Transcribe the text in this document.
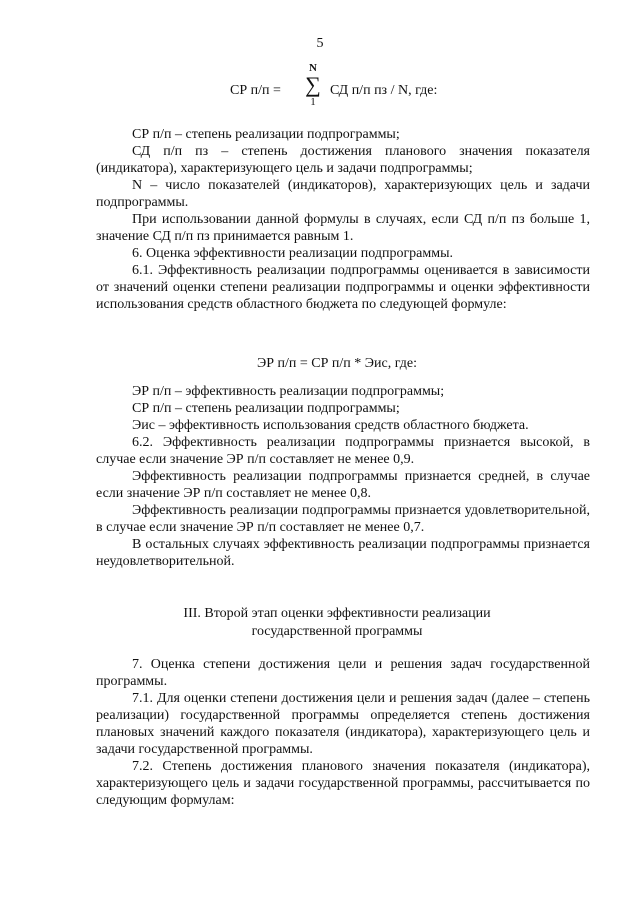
5
СР п/п =
N
∑
1
СД п/п пз / N, где:

СР п/п – степень реализации подпрограммы;

СД п/п пз – степень достижения планового значения показателя (индикатора), характеризующего цель и задачи подпрограммы;

N – число показателей (индикаторов), характеризующих цель и задачи подпрограммы.

При использовании данной формулы в случаях, если СД п/п пз больше 1, значение СД п/п пз принимается равным 1.

6. Оценка эффективности реализации подпрограммы.

6.1. Эффективность реализации подпрограммы оценивается в зависимости от значений оценки степени реализации подпрограммы и оценки эффективности использования средств областного бюджета по следующей формуле:

ЭР п/п = СР п/п * Эис, где:

ЭР п/п – эффективность реализации подпрограммы;

СР п/п – степень реализации подпрограммы;

Эис – эффективность использования средств областного бюджета.

6.2. Эффективность реализации подпрограммы признается высокой, в случае если значение ЭР п/п составляет не менее 0,9.

Эффективность реализации подпрограммы признается средней, в случае если значение ЭР п/п составляет не менее 0,8.

Эффективность реализации подпрограммы признается удовлетворительной, в случае если значение ЭР п/п составляет не менее 0,7.

В остальных случаях эффективность реализации подпрограммы признается неудовлетворительной.

III. Второй этап оценки эффективности реализации
государственной программы

7. Оценка степени достижения цели и решения задач государственной программы.

7.1. Для оценки степени достижения цели и решения задач (далее – степень реализации) государственной программы определяется степень достижения плановых значений каждого показателя (индикатора), характеризующего цель и задачи государственной программы.

7.2. Степень достижения планового значения показателя (индикатора), характеризующего цель и задачи государственной программы, рассчитывается по следующим формулам:
